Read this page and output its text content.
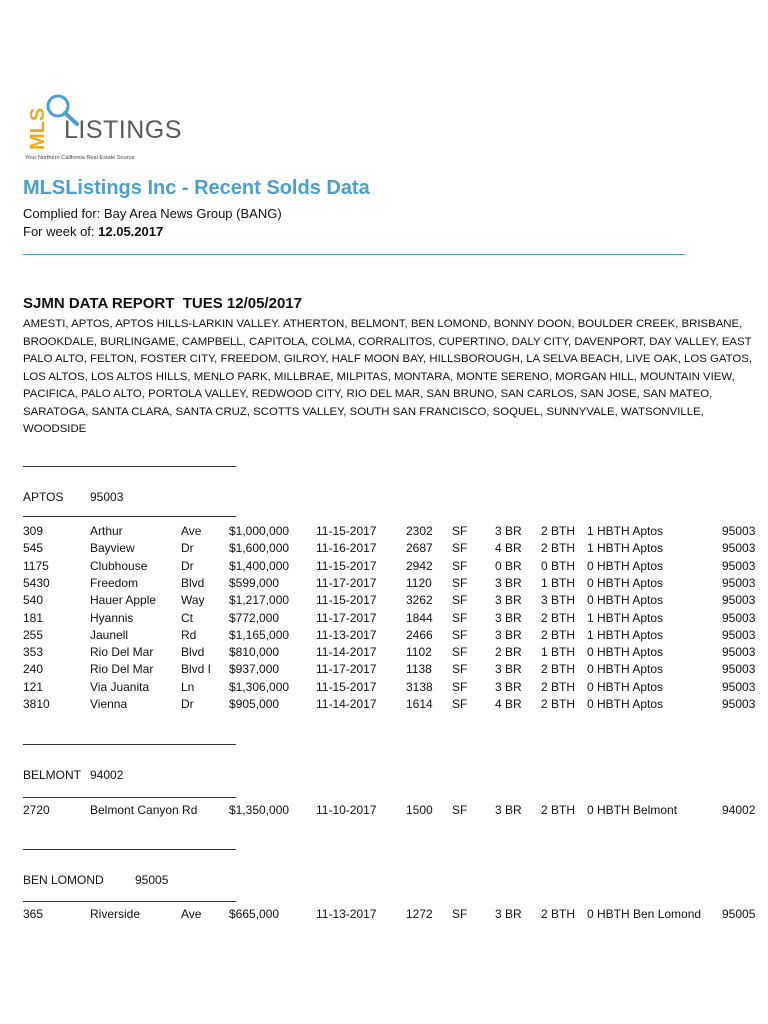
MLS LISTINGS
Your Northern California Real Estate Source
MLSListings Inc - Recent Solds Data
Complied for: Bay Area News Group (BANG)
For week of: 12.05.2017
SJMN DATA REPORT  TUES 12/05/2017
AMESTI, APTOS, APTOS HILLS-LARKIN VALLEY. ATHERTON, BELMONT, BEN LOMOND, BONNY DOON, BOULDER CREEK, BRISBANE, BROOKDALE, BURLINGAME, CAMPBELL, CAPITOLA, COLMA, CORRALITOS, CUPERTINO, DALY CITY, DAVENPORT, DAY VALLEY, EAST PALO ALTO, FELTON, FOSTER CITY, FREEDOM, GILROY, HALF MOON BAY, HILLSBOROUGH, LA SELVA BEACH, LIVE OAK, LOS GATOS, LOS ALTOS, LOS ALTOS HILLS, MENLO PARK, MILLBRAE, MILPITAS, MONTARA, MONTE SERENO, MORGAN HILL, MOUNTAIN VIEW, PACIFICA, PALO ALTO, PORTOLA VALLEY, REDWOOD CITY, RIO DEL MAR, SAN BRUNO, SAN CARLOS, SAN JOSE, SAN MATEO, SARATOGA, SANTA CLARA, SANTA CRUZ, SCOTTS VALLEY, SOUTH SAN FRANCISCO, SOQUEL, SUNNYVALE, WATSONVILLE, WOODSIDE
APTOS 95003
309	Arthur	Ave $1,000,000 11-15-2017 2302 SF 3 BR 2 BTH 1 HBTH Aptos	95003
545	Bayview	Dr	$1,600,000 11-16-2017 2687 SF 4 BR 2 BTH 1 HBTH Aptos	95003
1175	Clubhouse	Dr	$1,400,000 11-15-2017 2942 SF 0 BR 0 BTH 0 HBTH Aptos	95003
5430	Freedom	Blvd $599,000	11-17-2017 1120 SF 3 BR 1 BTH 0 HBTH Aptos	95003
540	Hauer Apple Way $1,217,000 11-15-2017 3262 SF 3 BR 3 BTH 0 HBTH Aptos	95003
181	Hyannis	Ct	$772,000	11-17-2017 1844 SF 3 BR 2 BTH 1 HBTH Aptos	95003
255	Jaunell	Rd	$1,165,000 11-13-2017 2466 SF 3 BR 2 BTH 1 HBTH Aptos	95003
353	Rio Del Mar Blvd $810,000	11-14-2017 1102 SF 2 BR 1 BTH 0 HBTH Aptos	95003
240	Rio Del Mar Blvd I $937,000	11-17-2017 1138 SF 3 BR 2 BTH 0 HBTH Aptos	95003
121	Via Juanita	Ln	$1,306,000 11-15-2017 3138 SF 3 BR 2 BTH 0 HBTH Aptos	95003
3810	Vienna	Dr	$905,000	11-14-2017 1614 SF 4 BR 2 BTH 0 HBTH Aptos	95003
BELMONT 94002
2720	Belmont Canyon Rd	$1,350,000 11-10-2017 1500 SF 3 BR 2 BTH 0 HBTH Belmont	94002
BEN LOMOND	95005
365	Riverside	Ave $665,000	11-13-2017 1272 SF 3 BR 2 BTH 0 HBTH Ben Lomond 95005
